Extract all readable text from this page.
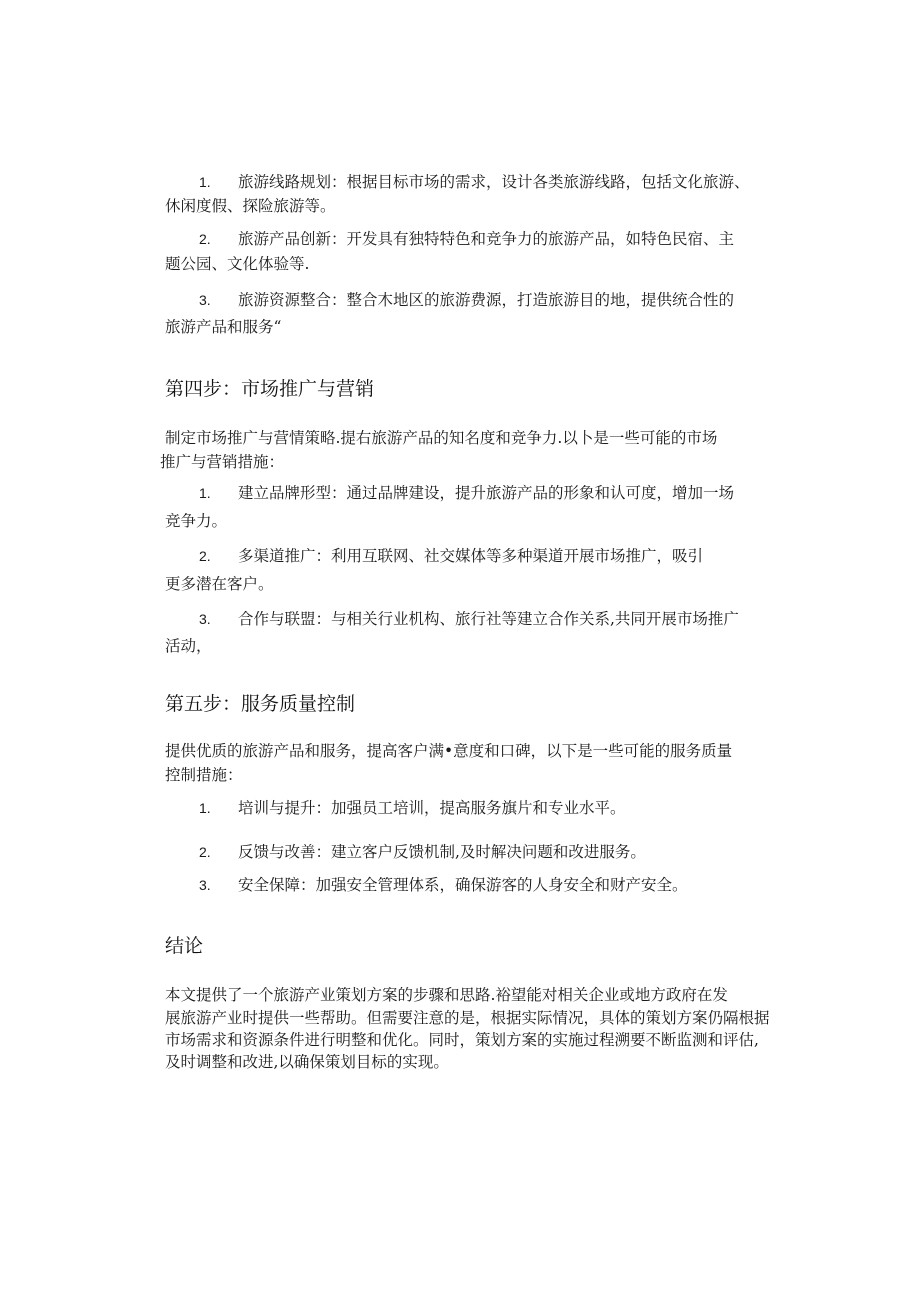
1. 旅游线路规划：根据目标市场的需求，设计各类旅游线路，包括文化旅游、
休闲度假、探险旅游等。
2. 旅游产品创新：开发具有独特特色和竞争力的旅游产品，如特色民宿、主
题公园、文化体验等.
3. 旅游资源整合：整合木地区的旅游费源，打造旅游目的地，提供统合性的
旅游产品和服务“
第四步：市场推广与营销
制定市场推广与营情策略.提右旅游产品的知名度和竞争力.以卜是一些可能的市场
推广与营销措施：
1. 建立品牌形型：通过品牌建设，提升旅游产品的形象和认可度，增加一场
竞争力。
2. 多渠道推广：利用互联网、社交媒体等多种渠道开展市场推广，吸引
更多潜在客户。
3. 合作与联盟：与相关行业机构、旅行社等建立合作关系,共同开展市场推广
活动，
第五步：服务质量控制
提供优质的旅游产品和服务，提高客户满•意度和口碑，以下是一些可能的服务质量
控制措施：
1. 培训与提升：加强员工培训，提高服务旗片和专业水平。
2. 反馈与改善：建立客户反馈机制,及时解决问题和改进服务。
3. 安全保障：加强安全管理体系，确保游客的人身安全和财产安全。
结论
本文提供了一个旅游产业策划方案的步骤和思路.裕望能对相关企业或地方政府在发
展旅游产业时提供一些帮助。但需要注意的是，根据实际情况，具体的策划方案仍隔根据
市场需求和资源条件进行明整和优化。同时，策划方案的实施过程溯要不断监测和评估,
及时调整和改进,以确保策划目标的实现。
